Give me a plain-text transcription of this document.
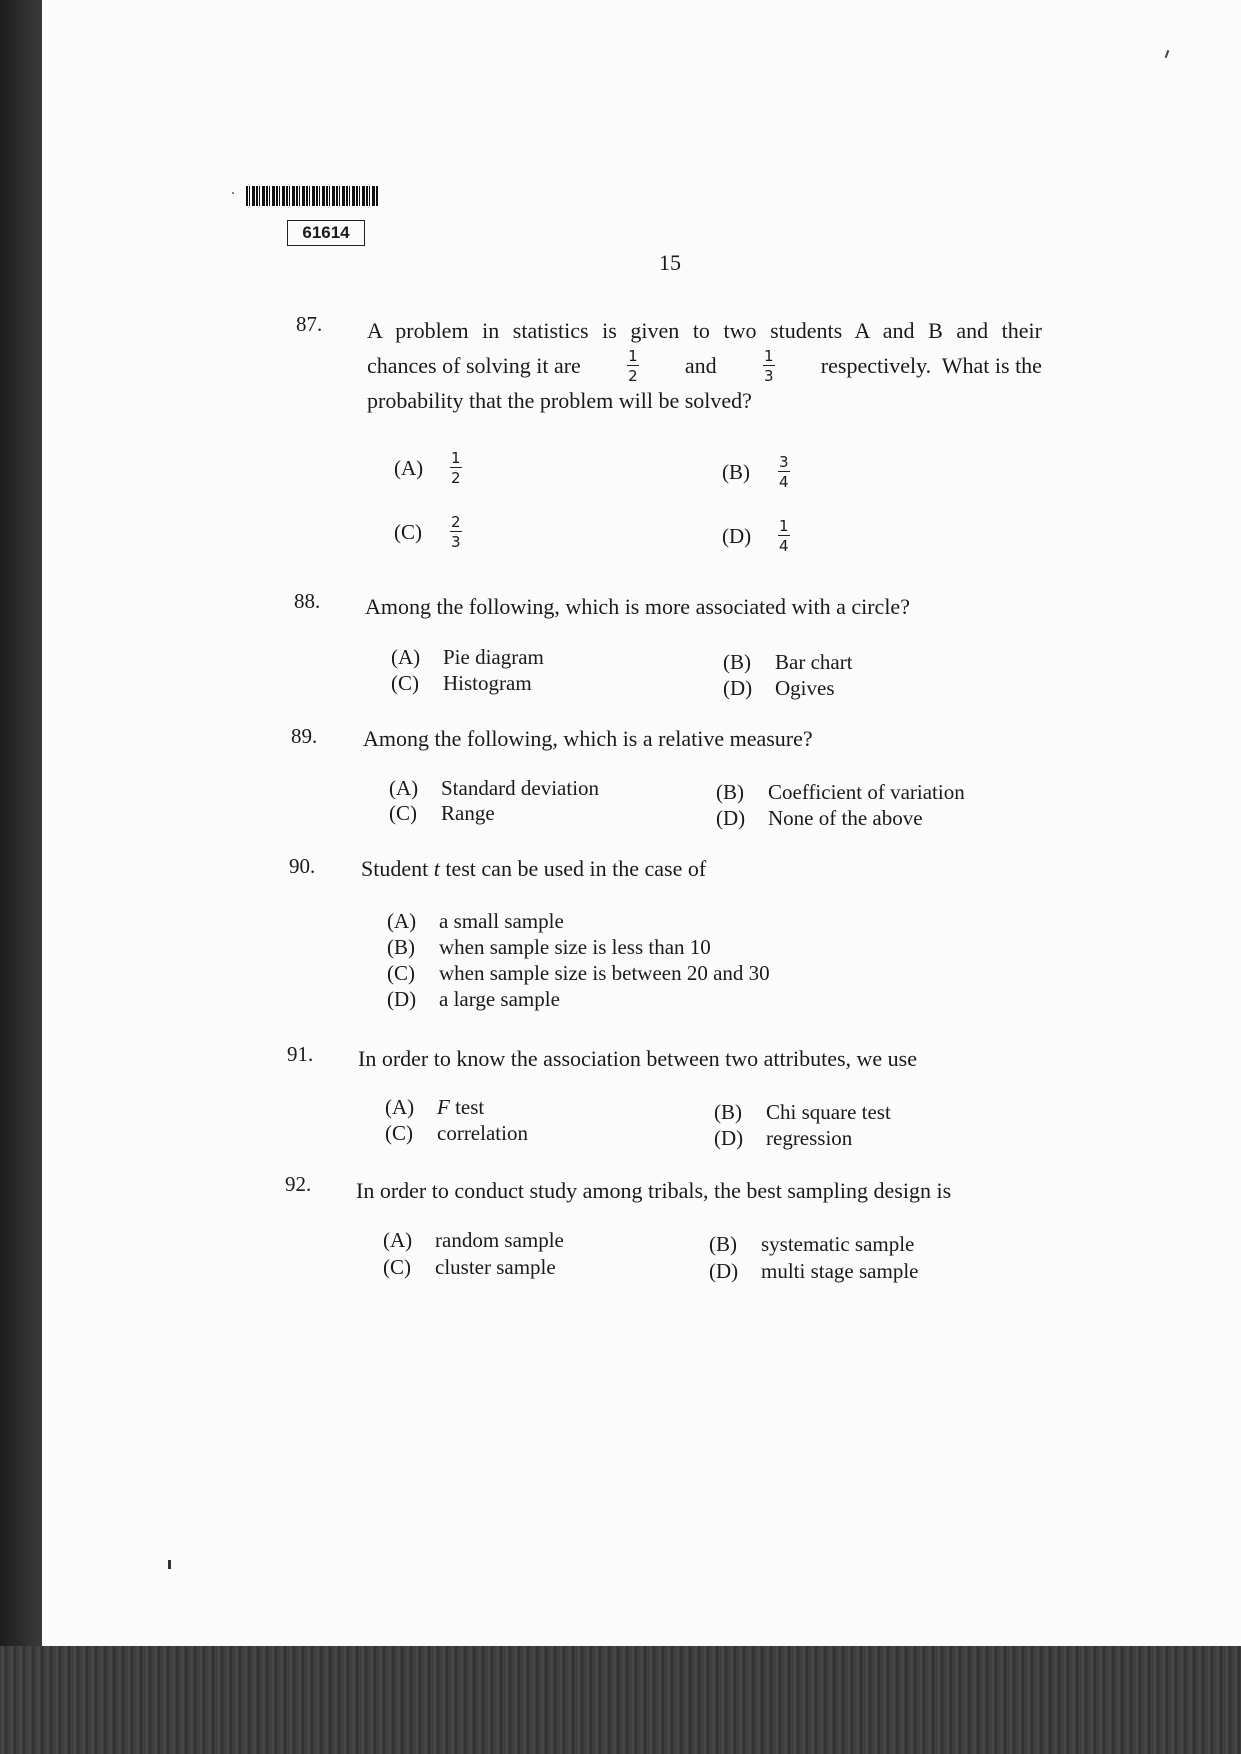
61614
15
87. A problem in statistics is given to two students A and B and their
chances of solving it are	$\frac{1}{2}$ and	$\frac{1}{3}$ respectively.  What is the
probability that the problem will be solved?
(A)	$\frac{1}{2}$	(B)	$\frac{3}{4}$
(C)	$\frac{2}{3}$	(D)	$\frac{1}{4}$
88. Among the following, which is more associated with a circle?
(A) Pie diagram	(B) Bar chart
(C) Histogram	(D) Ogives
89. Among the following, which is a relative measure?
(A) Standard deviation	(B) Coefficient of variation
(C) Range	(D) None of the above
90. Student t test can be used in the case of
(A) a small sample
(B) when sample size is less than 10
(C) when sample size is between 20 and 30
(D) a large sample
91. In order to know the association between two attributes, we use
(A) F test	(B) Chi square test
(C) correlation	(D) regression
92. In order to conduct study among tribals, the best sampling design is
(A) random sample	(B) systematic sample
(C) cluster sample	(D) multi stage sample
